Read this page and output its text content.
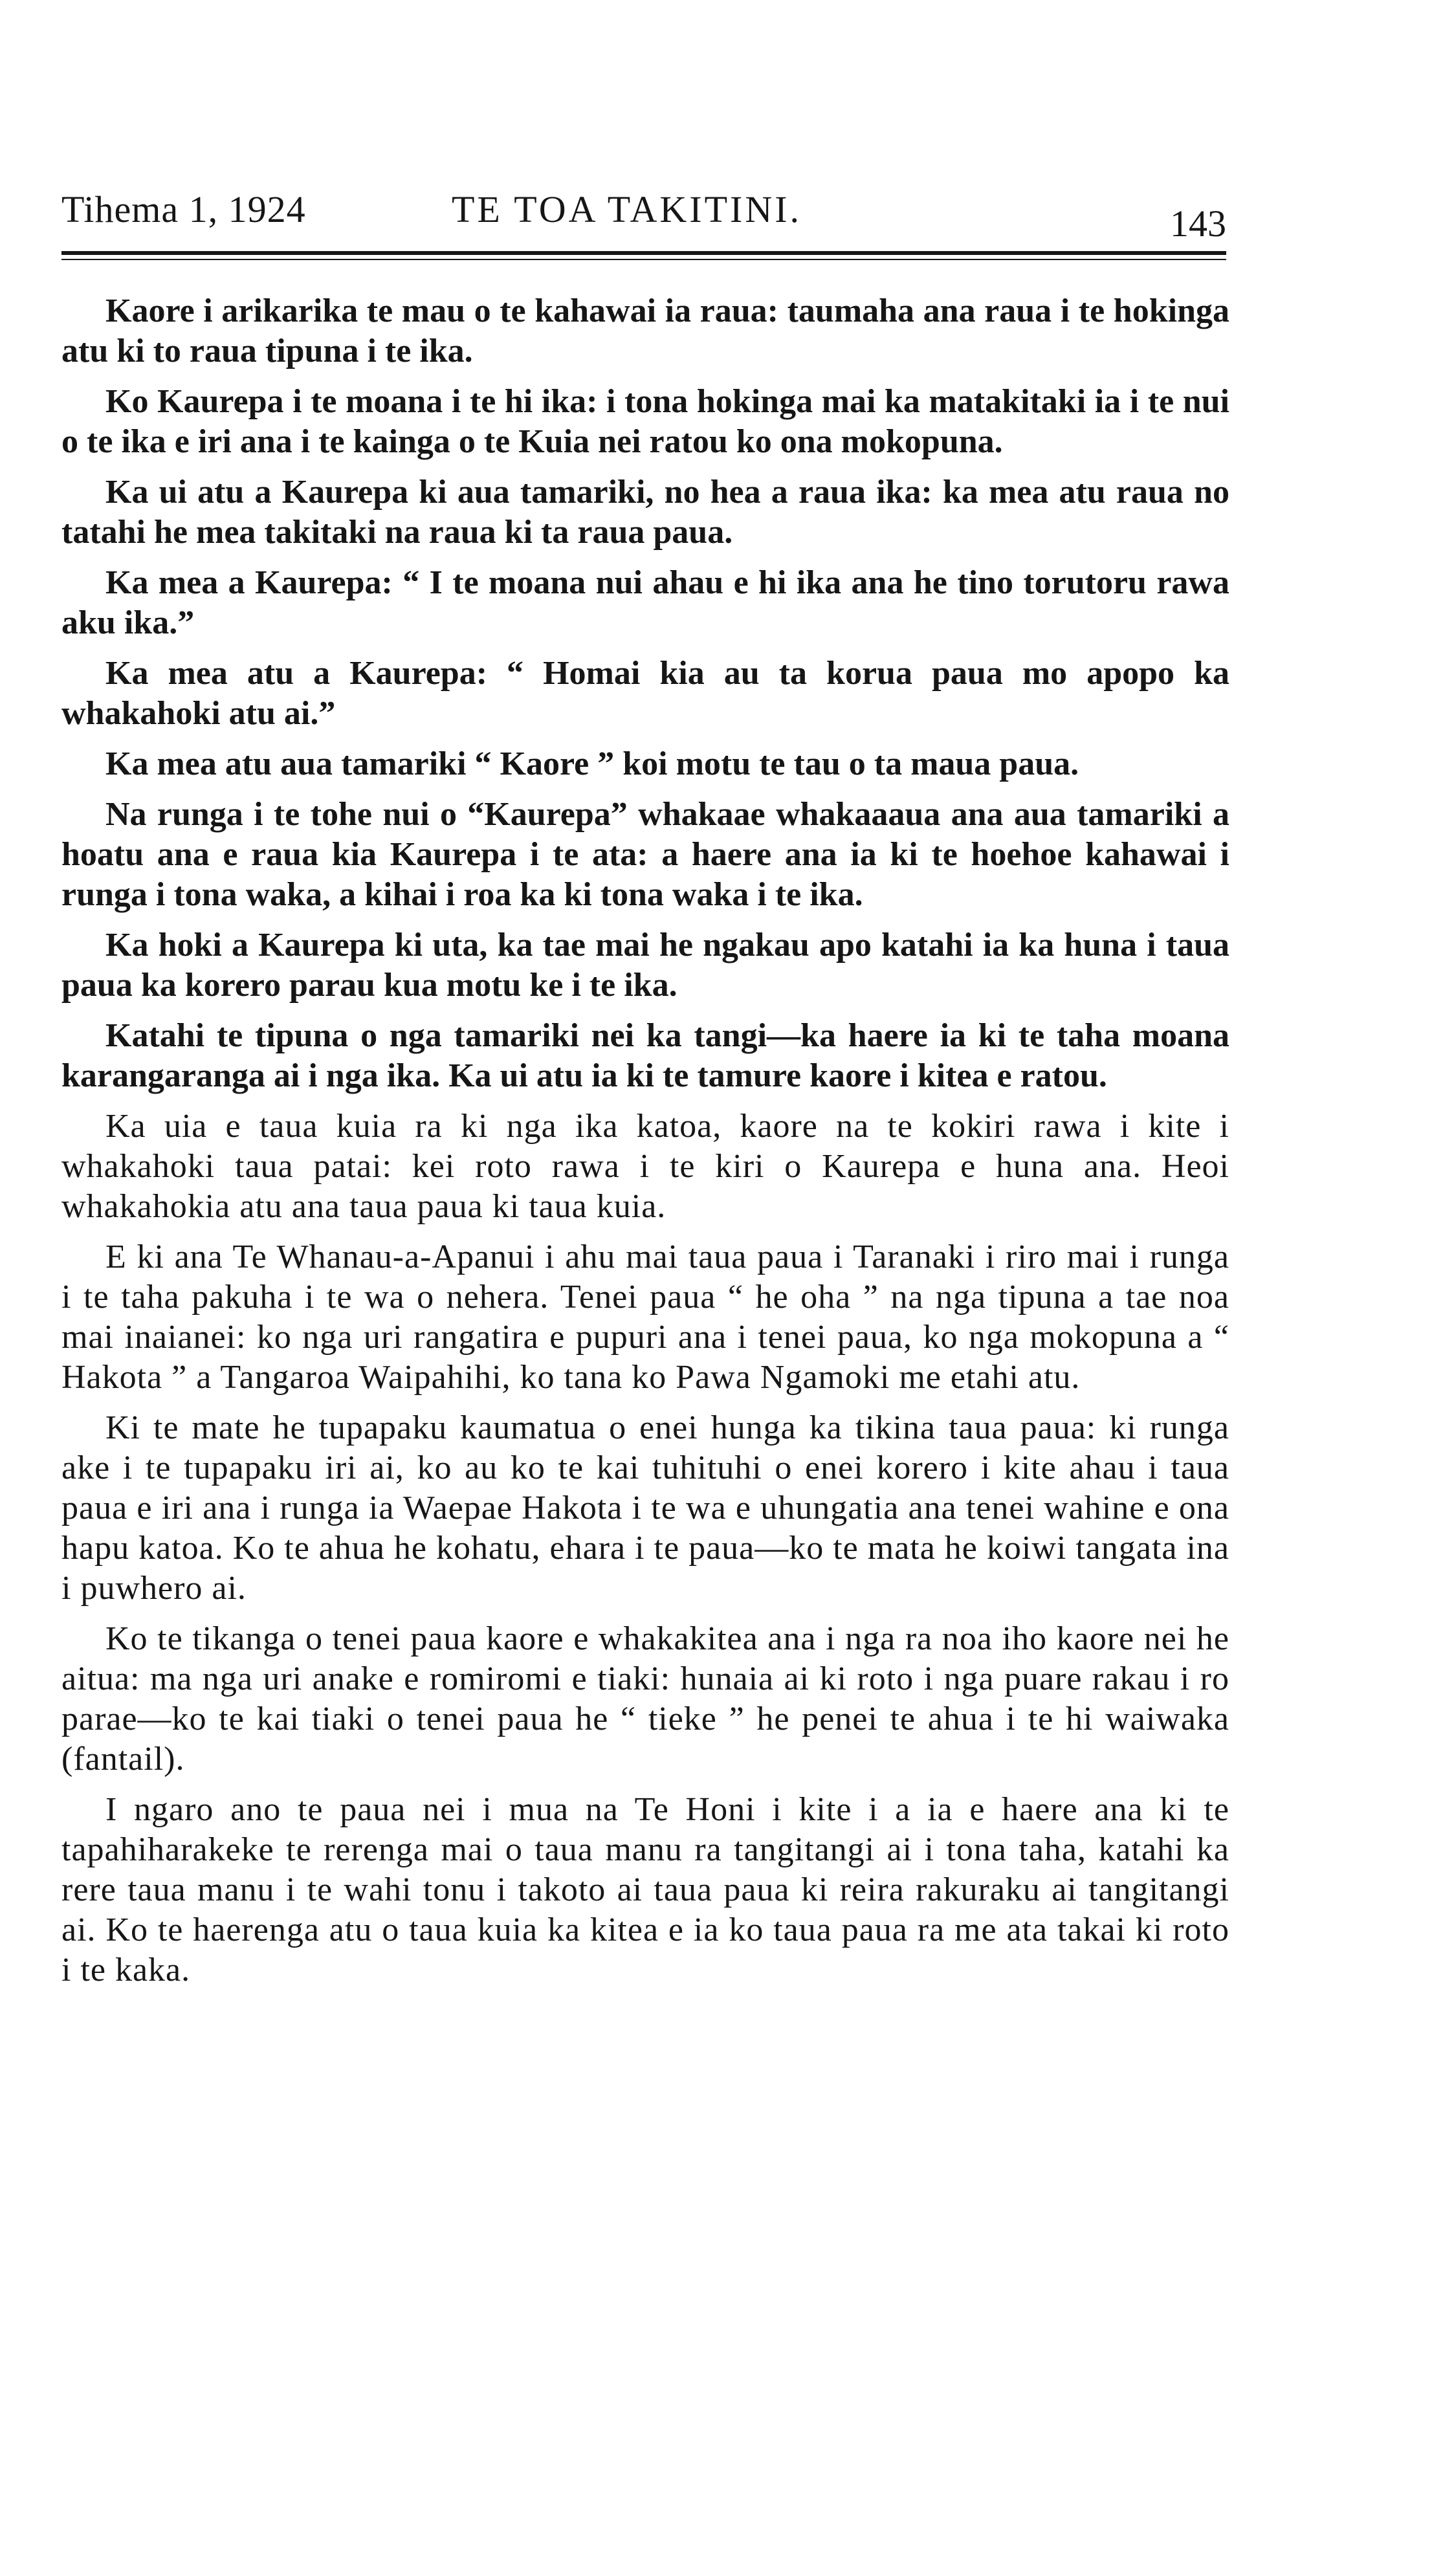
Tihema 1, 1924	TE TOA TAKITINI.	143

Kaore i arikarika te mau o te kahawai ia raua: taumaha ana raua i te hokinga atu ki to raua tipuna i te ika.

Ko Kaurepa i te moana i te hi ika: i tona hokinga mai ka matakitaki ia i te nui o te ika e iri ana i te kainga o te Kuia nei ratou ko ona mokopuna.

Ka ui atu a Kaurepa ki aua tamariki, no hea a raua ika: ka mea atu raua no tatahi he mea takitaki na raua ki ta raua paua.

Ka mea a Kaurepa: “ I te moana nui ahau e hi ika ana he tino torutoru rawa aku ika.”

Ka mea atu a Kaurepa: “ Homai kia au ta korua paua mo apopo ka whakahoki atu ai.”

Ka mea atu aua tamariki “ Kaore ” koi motu te tau o ta maua paua.

Na runga i te tohe nui o “Kaurepa” whakaae whakaaaua ana aua tamariki a hoatu ana e raua kia Kaurepa i te ata: a haere ana ia ki te hoehoe kahawai i runga i tona waka, a kihai i roa ka ki tona waka i te ika.

Ka hoki a Kaurepa ki uta, ka tae mai he ngakau apo katahi ia ka huna i taua paua ka korero parau kua motu ke i te ika.

Katahi te tipuna o nga tamariki nei ka tangi—ka haere ia ki te taha moana karangaranga ai i nga ika. Ka ui atu ia ki te tamure kaore i kitea e ratou.

Ka uia e taua kuia ra ki nga ika katoa, kaore na te kokiri rawa i kite i whakahoki taua patai: kei roto rawa i te kiri o Kaurepa e huna ana. Heoi whakahokia atu ana taua paua ki taua kuia.

E ki ana Te Whanau-a-Apanui i ahu mai taua paua i Taranaki i riro mai i runga i te taha pakuha i te wa o nehera. Tenei paua “ he oha ” na nga tipuna a tae noa mai inaianei: ko nga uri rangatira e pupuri ana i tenei paua, ko nga mokopuna a “ Hakota ” a Tangaroa Waipahihi, ko tana ko Pawa Ngamoki me etahi atu.

Ki te mate he tupapaku kaumatua o enei hunga ka tikina taua paua: ki runga ake i te tupapaku iri ai, ko au ko te kai tuhituhi o enei korero i kite ahau i taua paua e iri ana i runga ia Waepae Hakota i te wa e uhungatia ana tenei wahine e ona hapu katoa. Ko te ahua he kohatu, ehara i te paua—ko te mata he koiwi tangata ina i puwhero ai.

Ko te tikanga o tenei paua kaore e whakakitea ana i nga ra noa iho kaore nei he aitua: ma nga uri anake e romiromi e tiaki: hunaia ai ki roto i nga puare rakau i ro parae—ko te kai tiaki o tenei paua he “ tieke ” he penei te ahua i te hi waiwaka (fantail).

I ngaro ano te paua nei i mua na Te Honi i kite i a ia e haere ana ki te tapahiharakeke te rerenga mai o taua manu ra tangitangi ai i tona taha, katahi ka rere taua manu i te wahi tonu i takoto ai taua paua ki reira rakuraku ai tangitangi ai. Ko te haerenga atu o taua kuia ka kitea e ia ko taua paua ra me ata takai ki roto i te kaka.
